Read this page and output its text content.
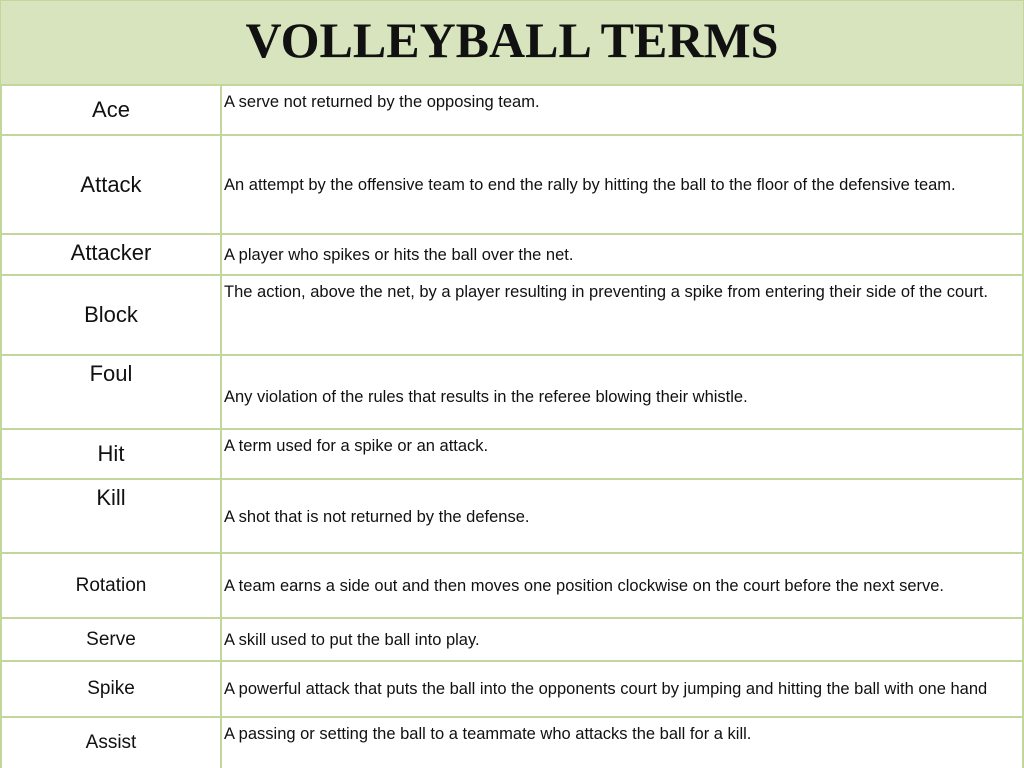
VOLLEYBALL TERMS
Ace	A serve not returned by the opposing team.
Attack	An attempt by the offensive team to end the rally by hitting the ball to the floor of the defensive team.
Attacker	A player who spikes or hits the ball over the net.
Block	The action, above the net, by a player resulting in preventing a spike from entering their side of the court.
Foul	Any violation of the rules that results in the referee blowing their whistle.
Hit	A term used for a spike or an attack.
Kill	A shot that is not returned by the defense.
Rotation	A team earns a side out and then moves one position clockwise on the court before the next serve.
Serve	A skill used to put the ball into play.
Spike	A powerful attack that puts the ball into the opponents court by jumping and hitting the ball with one hand
Assist	A passing or setting the ball to a teammate who attacks the ball for a kill.
